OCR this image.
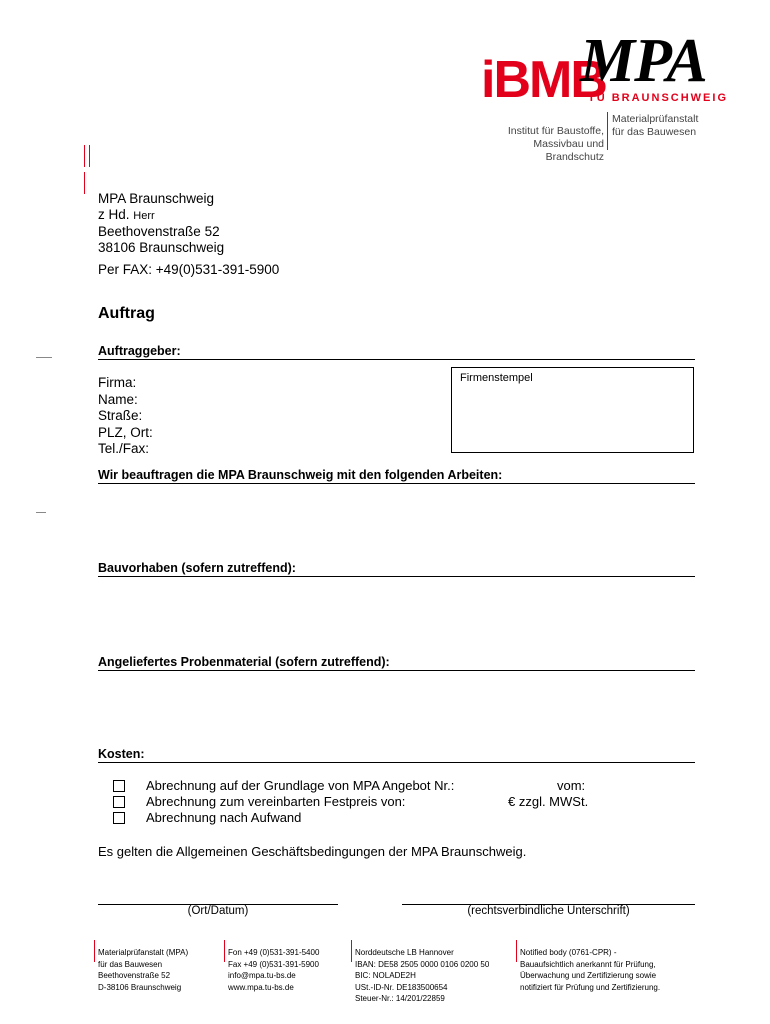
iBMB
MPA
TU BRAUNSCHWEIG
Institut für Baustoffe,
Massivbau und Brandschutz
Materialprüfanstalt
für das Bauwesen
MPA Braunschweig
z Hd. Herr
Beethovenstraße 52
38106 Braunschweig
Per FAX: +49(0)531-391-5900
Auftrag
Auftraggeber:
Firma:
Name:
Straße:
PLZ, Ort:
Tel./Fax:
Firmenstempel
Wir beauftragen die MPA Braunschweig mit den folgenden Arbeiten:
Bauvorhaben (sofern zutreffend):
Angeliefertes Probenmaterial (sofern zutreffend):
Kosten:
Abrechnung auf der Grundlage von MPA Angebot Nr.:	vom:
Abrechnung zum vereinbarten Festpreis von:	€ zzgl. MWSt.
Abrechnung nach Aufwand
Es gelten die Allgemeinen Geschäftsbedingungen der MPA Braunschweig.
(Ort/Datum)	(rechtsverbindliche Unterschrift)
Materialprüfanstalt (MPA)
für das Bauwesen
Beethovenstraße 52
D-38106 Braunschweig
Fon +49 (0)531-391-5400
Fax +49 (0)531-391-5900
info@mpa.tu-bs.de
www.mpa.tu-bs.de
Norddeutsche LB Hannover
IBAN: DE58 2505 0000 0106 0200 50
BIC: NOLADE2H
USt.-ID-Nr. DE183500654
Steuer-Nr.: 14/201/22859
Notified body (0761-CPR) -
Bauaufsichtlich anerkannt für Prüfung,
Überwachung und Zertifizierung sowie
notifiziert für Prüfung und Zertifizierung.
